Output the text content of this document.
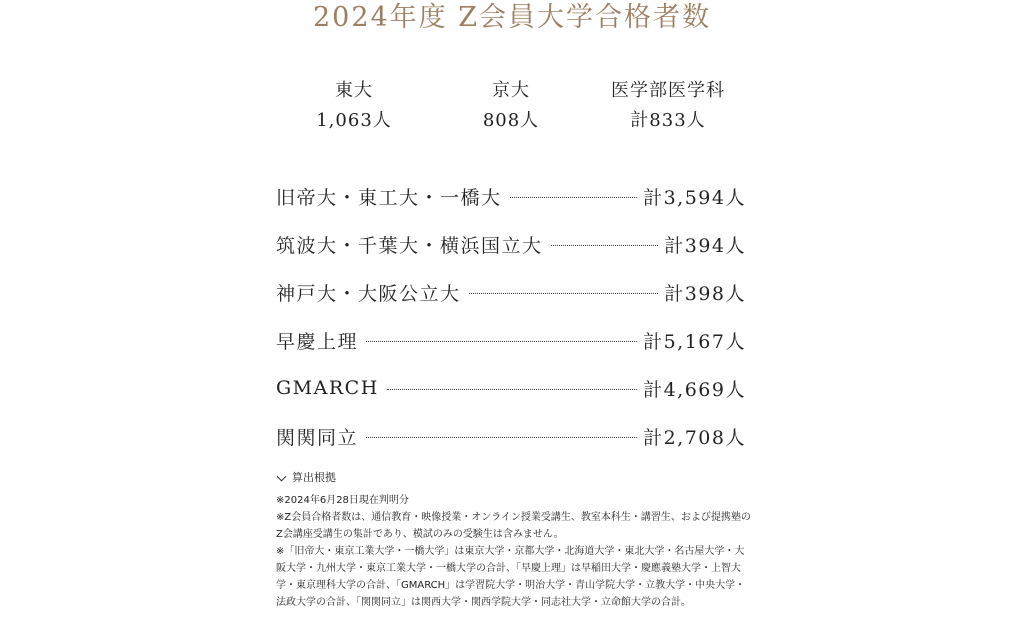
2024年度 Z会員大学合格者数
東大
1,063人
京大
808人
医学部医学科
計833人
旧帝大・東工大・一橋大	計3,594人
筑波大・千葉大・横浜国立大	計394人
神戸大・大阪公立大	計398人
早慶上理	計5,167人
GMARCH	計4,669人
関関同立	計2,708人
算出根拠

※2024年6月28日現在判明分

※Z会員合格者数は、通信教育・映像授業・オンライン授業受講生、教室本科生・講習生、および提携塾のZ会講座受講生の集計であり、模試のみの受験生は含みません。

※「旧帝大・東京工業大学・一橋大学」は東京大学・京都大学・北海道大学・東北大学・名古屋大学・大阪大学・九州大学・東京工業大学・一橋大学の合計、「早慶上理」は早稲田大学・慶應義塾大学・上智大学・東京理科大学の合計、「GMARCH」は学習院大学・明治大学・青山学院大学・立教大学・中央大学・法政大学の合計、「関関同立」は関西大学・関西学院大学・同志社大学・立命館大学の合計。
